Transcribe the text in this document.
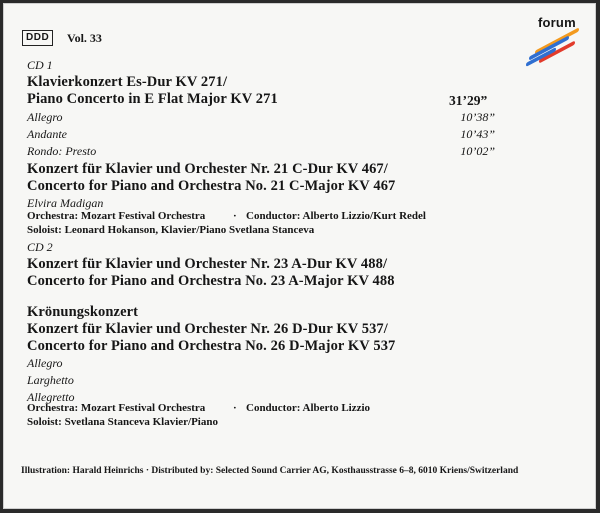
DDD	Vol. 33
forum
CD 1
Klavierkonzert Es-Dur KV 271/
Piano Concerto in E Flat Major KV 271	31’29”
Allegro	10’38”
Andante	10’43”
Rondo: Presto	10’02”
Konzert für Klavier und Orchester Nr. 21 C-Dur KV 467/
Concerto for Piano and Orchestra No. 21 C-Major KV 467
Elvira Madigan
Orchestra: Mozart Festival Orchestra	· Conductor: Alberto Lizzio/Kurt Redel
Soloist: Leonard Hokanson, Klavier/Piano Svetlana Stanceva
CD 2
Konzert für Klavier und Orchester Nr. 23 A-Dur KV 488/
Concerto for Piano and Orchestra No. 23 A-Major KV 488
Krönungskonzert
Konzert für Klavier und Orchester Nr. 26 D-Dur KV 537/
Concerto for Piano and Orchestra No. 26 D-Major KV 537
Allegro
Larghetto
Allegretto
Orchestra: Mozart Festival Orchestra	· Conductor: Alberto Lizzio
Soloist: Svetlana Stanceva Klavier/Piano
Illustration: Harald Heinrichs · Distributed by: Selected Sound Carrier AG, Kosthausstrasse 6–8, 6010 Kriens/Switzerland
